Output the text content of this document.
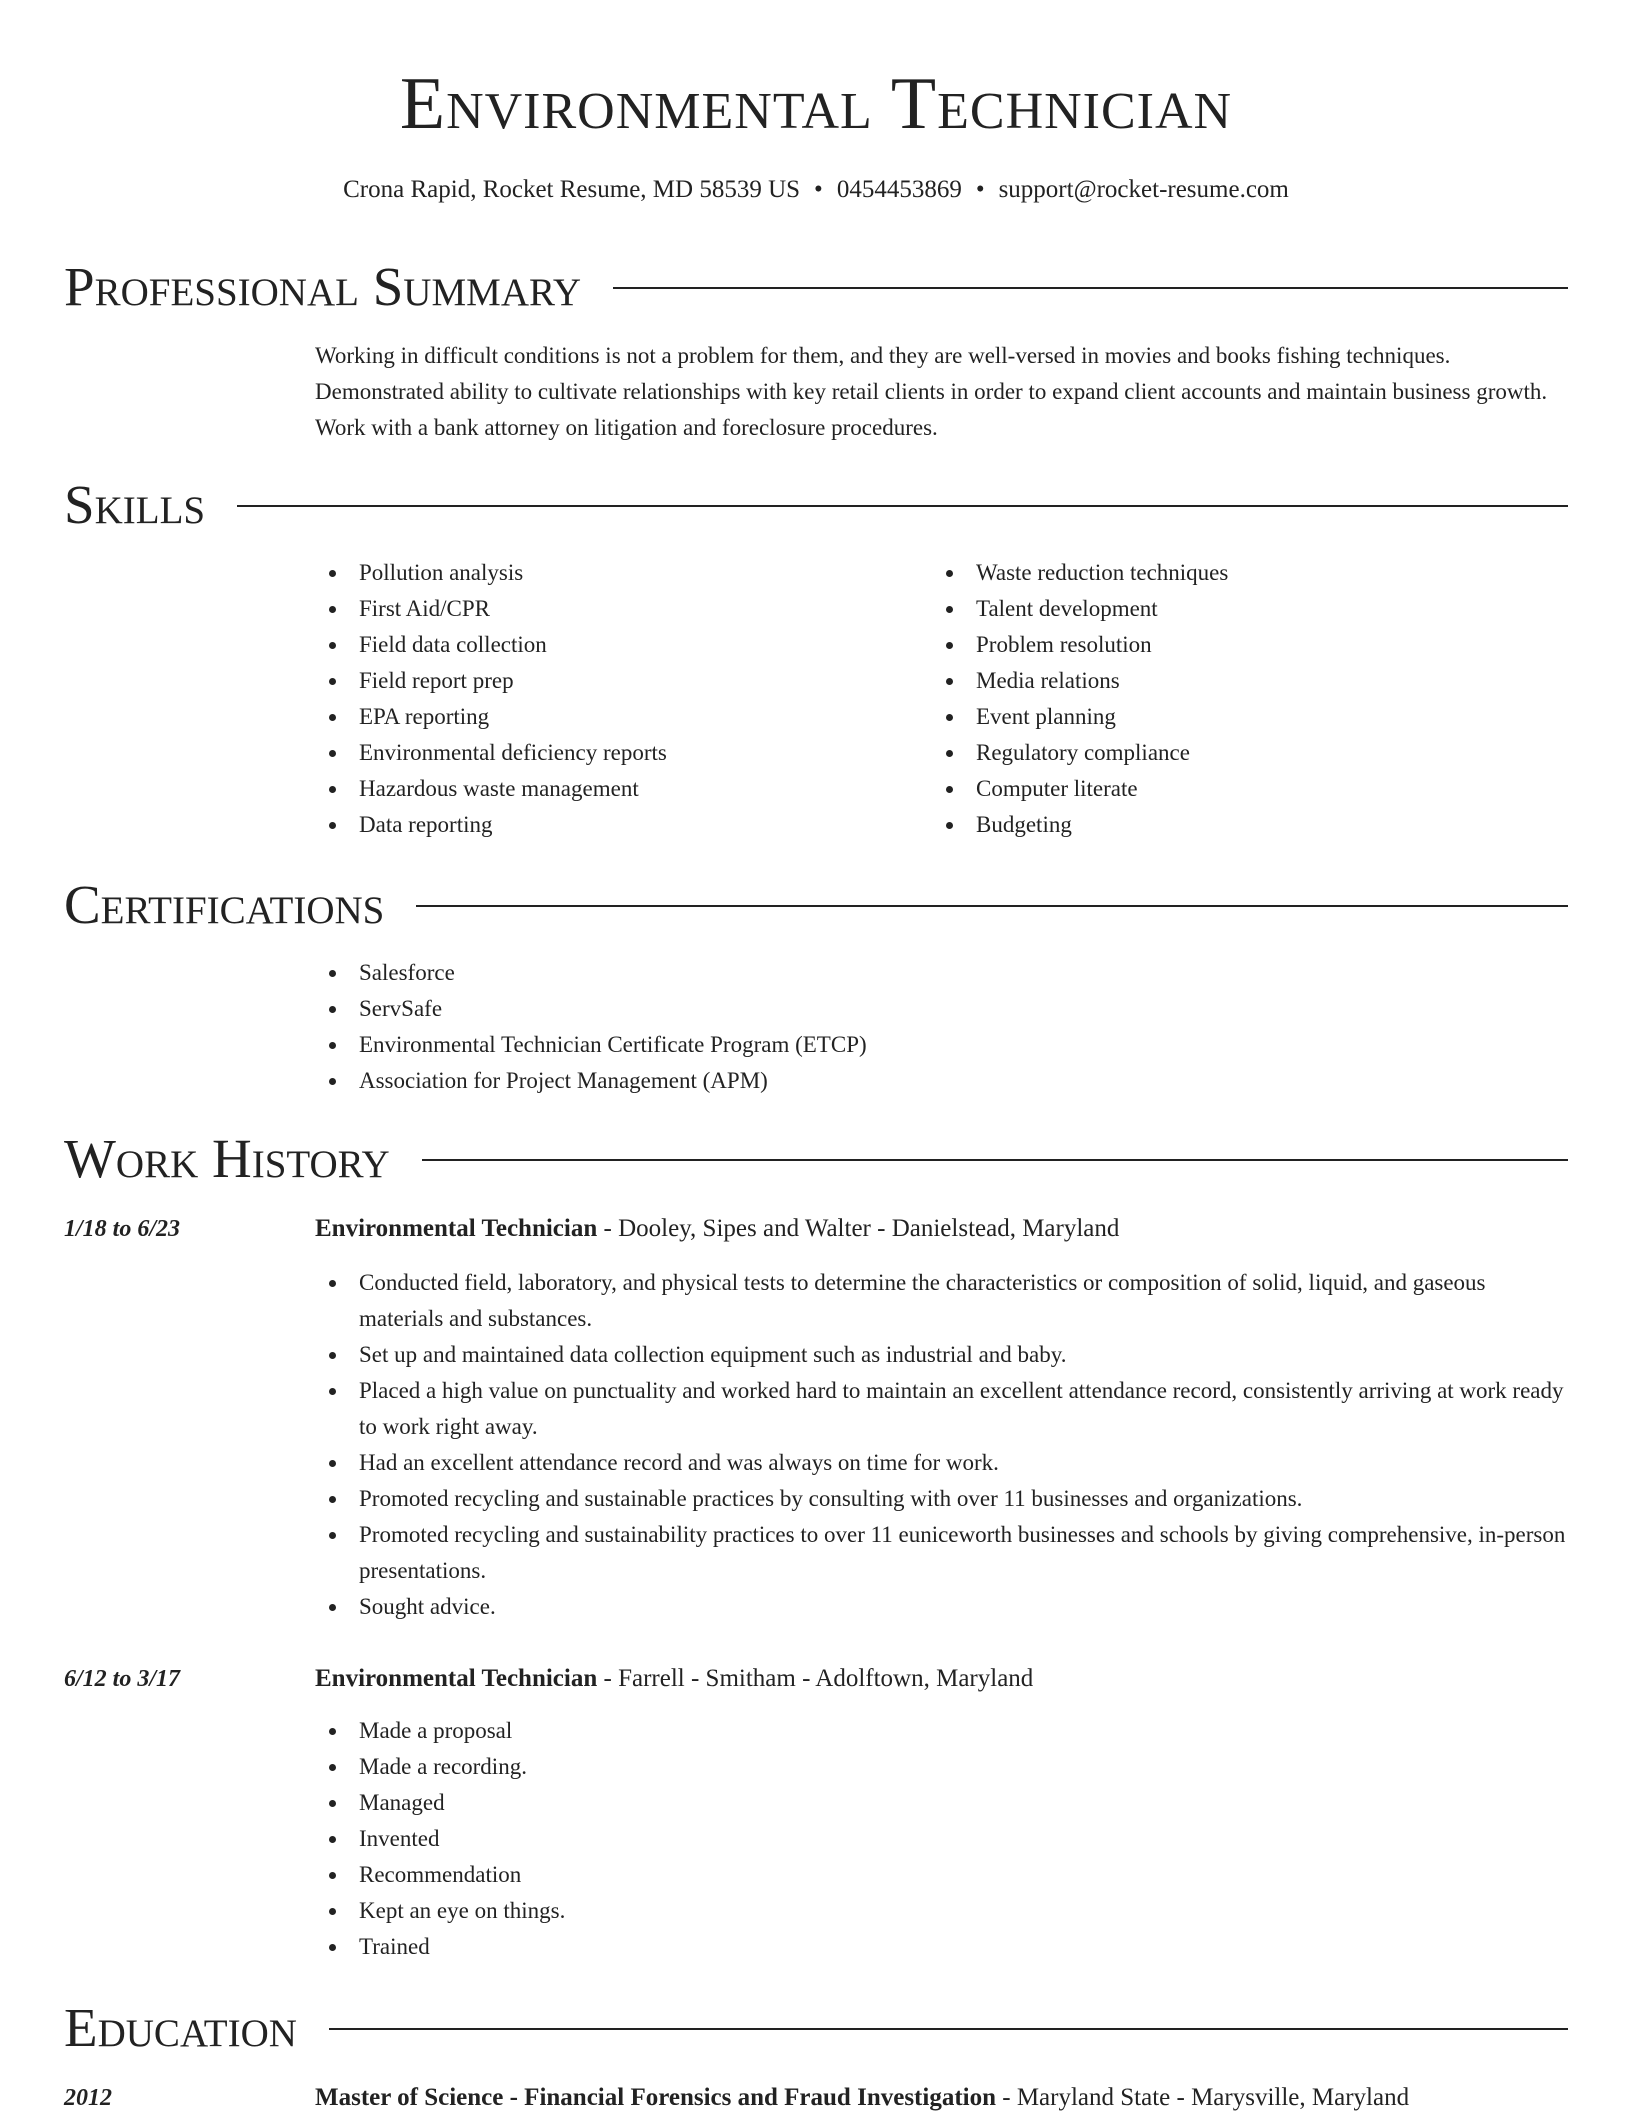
Environmental Technician
Crona Rapid, Rocket Resume, MD 58539 US • 0454453869 • support@rocket-resume.com
Professional Summary

Working in difficult conditions is not a problem for them, and they are well-versed in movies and books fishing techniques. Demonstrated ability to cultivate relationships with key retail clients in order to expand client accounts and maintain business growth. Work with a bank attorney on litigation and foreclosure procedures.

Skills
Pollution analysis
First Aid/CPR
Field data collection
Field report prep
EPA reporting
Environmental deficiency reports
Hazardous waste management
Data reporting
Waste reduction techniques
Talent development
Problem resolution
Media relations
Event planning
Regulatory compliance
Computer literate
Budgeting
Certifications
Salesforce
ServSafe
Environmental Technician Certificate Program (ETCP)
Association for Project Management (APM)
Work History
1/18 to 6/23	Environmental Technician - Dooley, Sipes and Walter - Danielstead, Maryland
Conducted field, laboratory, and physical tests to determine the characteristics or composition of solid, liquid, and gaseous materials and substances.
Set up and maintained data collection equipment such as industrial and baby.
Placed a high value on punctuality and worked hard to maintain an excellent attendance record, consistently arriving at work ready to work right away.
Had an excellent attendance record and was always on time for work.
Promoted recycling and sustainable practices by consulting with over 11 businesses and organizations.
Promoted recycling and sustainability practices to over 11 euniceworth businesses and schools by giving comprehensive, in-person presentations.
Sought advice.
6/12 to 3/17	Environmental Technician - Farrell - Smitham - Adolftown, Maryland
Made a proposal
Made a recording.
Managed
Invented
Recommendation
Kept an eye on things.
Trained
Education
2012	Master of Science - Financial Forensics and Fraud Investigation - Maryland State - Marysville, Maryland
